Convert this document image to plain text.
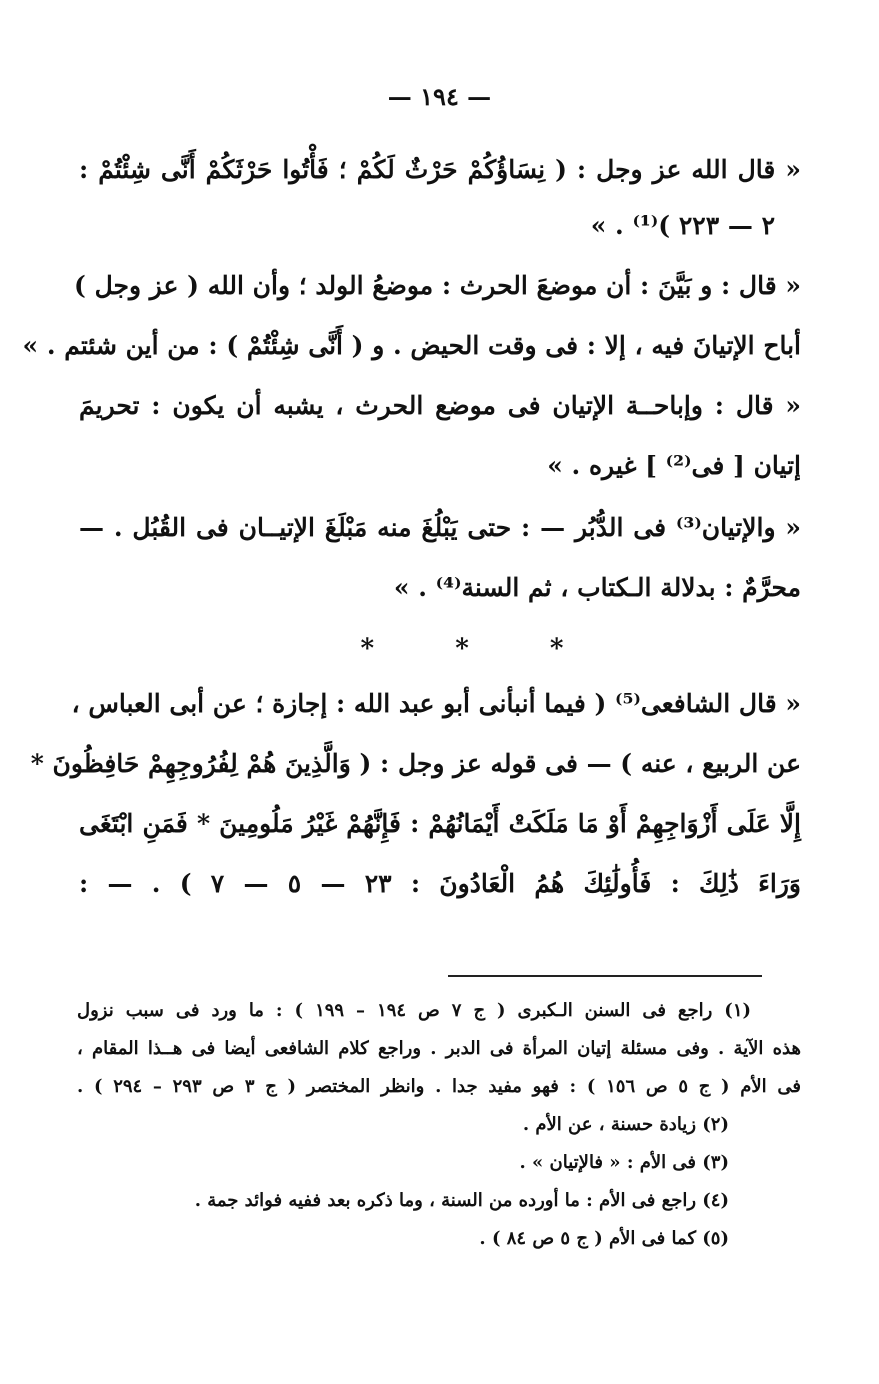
— ١٩٤ —
« قال الله عز وجل : ( نِسَاؤُكُمْ حَرْثٌ لَكُمْ ؛ فَأْتُوا حَرْثَكُمْ أَنَّى شِئْتُمْ :
٢ — ٢٢٣ )⁽¹⁾ . »
« قال : و بَيَّنَ : أن موضعَ الحرث : موضعُ الولد ؛ وأن الله ( عز وجل )
أباح الإتيانَ فيه ، إلا : فى وقت الحيض . و ( أَنَّى شِئْتُمْ ) : من أين شئتم . »
« قال : وإباحــة الإتيان فى موضع الحرث ، يشبه أن يكون : تحريمَ
إتيان [ فى⁽²⁾ ] غيره . »
« والإتيان⁽³⁾ فى الدُّبُر — : حتى يَبْلُغَ منه مَبْلَغَ الإتيــان فى القُبُل . —
محرَّمٌ : بدلالة الـكتاب ، ثم السنة⁽⁴⁾ . »
* * *
« قال الشافعى⁽⁵⁾ ( فيما أنبأنى أبو عبد الله : إجازة ؛ عن أبى العباس ،
عن الربيع ، عنه ) — فى قوله عز وجل : ( وَالَّذِينَ هُمْ لِفُرُوجِهِمْ حَافِظُونَ *
إِلَّا عَلَى أَزْوَاجِهِمْ أَوْ مَا مَلَكَتْ أَيْمَانُهُمْ : فَإِنَّهُمْ غَيْرُ مَلُومِينَ * فَمَنِ ابْتَغَى
وَرَاءَ ذَٰلِكَ : فَأُولَٰئِكَ هُمُ الْعَادُونَ : ٢٣ — ٥ — ٧ ) . — :
(١) راجع فى السنن الـكبرى ( ج ٧ ص ١٩٤ – ١٩٩ ) : ما ورد فى سبب نزول
هذه الآية . وفى مسئلة إتيان المرأة فى الدبر . وراجع كلام الشافعى أيضا فى هــذا المقام ،
فى الأم ( ج ٥ ص ١٥٦ ) : فهو مفيد جدا . وانظر المختصر ( ج ٣ ص ٢٩٣ – ٢٩٤ ) .
(٢) زيادة حسنة ، عن الأم .
(٣) فى الأم : « فالإتيان » .
(٤) راجع فى الأم : ما أورده من السنة ، وما ذكره بعد ففيه فوائد جمة .
(٥) كما فى الأم ( ج ٥ ص ٨٤ ) .
